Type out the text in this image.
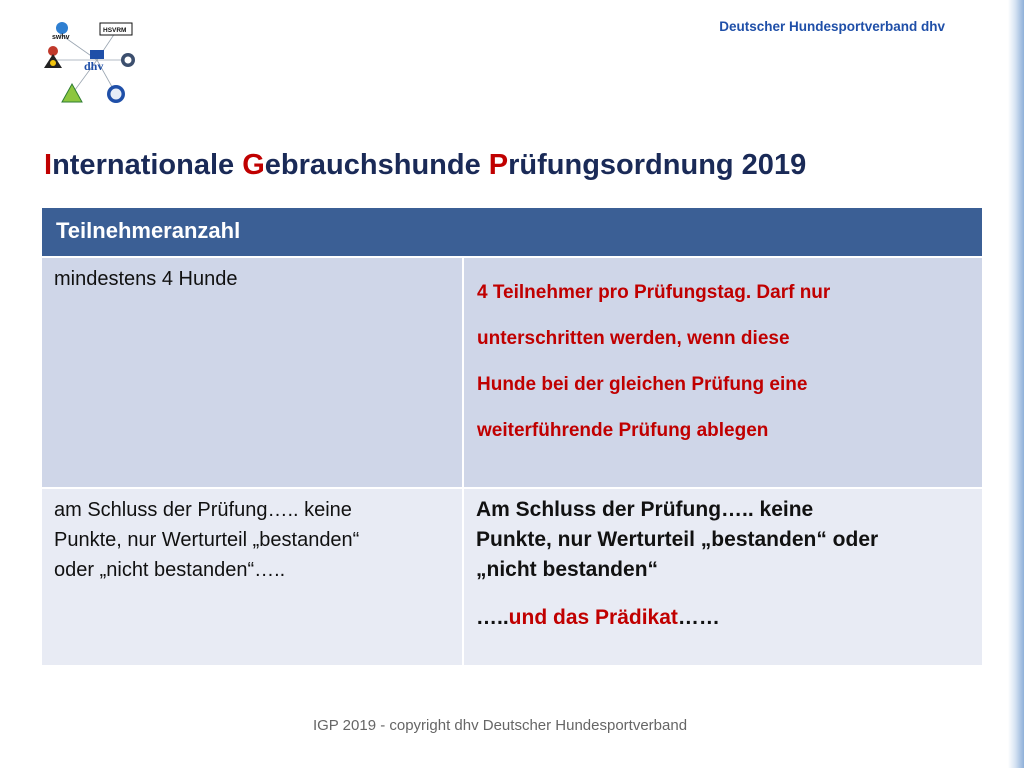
Deutscher Hundesportverband dhv
swhv
HSVRM
dhv
Internationale Gebrauchshunde Prüfungsordnung 2019
Teilnehmeranzahl
mindestens 4 Hunde
4 Teilnehmer pro Prüfungstag. Darf nur
unterschritten werden, wenn diese
Hunde bei der gleichen Prüfung eine
weiterführende Prüfung ablegen
am Schluss der Prüfung….. keine
Punkte, nur Werturteil „bestanden“
oder „nicht bestanden“…..
Am Schluss der Prüfung….. keine
Punkte, nur Werturteil „bestanden“ oder
„nicht bestanden“
…..und das Prädikat……
IGP 2019 - copyright dhv Deutscher Hundesportverband
